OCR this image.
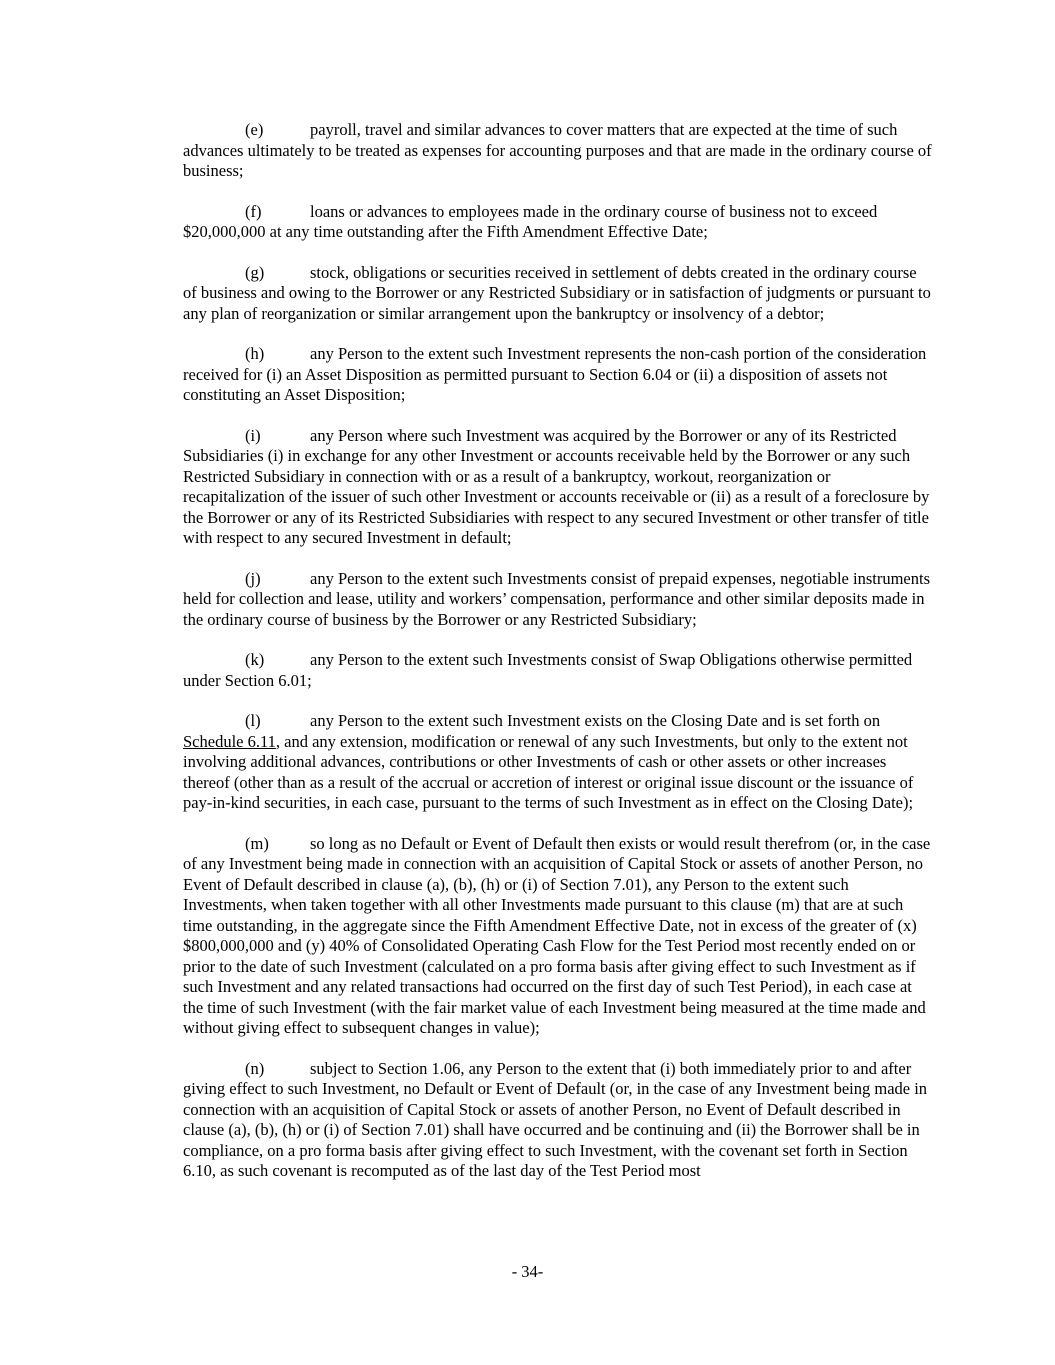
(e)	payroll, travel and similar advances to cover matters that are expected at the time of such advances ultimately to be treated as expenses for accounting purposes and that are made in the ordinary course of business;

(f)	loans or advances to employees made in the ordinary course of business not to exceed $20,000,000 at any time outstanding after the Fifth Amendment Effective Date;

(g)	stock, obligations or securities received in settlement of debts created in the ordinary course of business and owing to the Borrower or any Restricted Subsidiary or in satisfaction of judgments or pursuant to any plan of reorganization or similar arrangement upon the bankruptcy or insolvency of a debtor;

(h)	any Person to the extent such Investment represents the non-cash portion of the consideration received for (i) an Asset Disposition as permitted pursuant to Section 6.04 or (ii) a disposition of assets not constituting an Asset Disposition;

(i)	any Person where such Investment was acquired by the Borrower or any of its Restricted Subsidiaries (i) in exchange for any other Investment or accounts receivable held by the Borrower or any such Restricted Subsidiary in connection with or as a result of a bankruptcy, workout, reorganization or recapitalization of the issuer of such other Investment or accounts receivable or (ii) as a result of a foreclosure by the Borrower or any of its Restricted Subsidiaries with respect to any secured Investment or other transfer of title with respect to any secured Investment in default;

(j)	any Person to the extent such Investments consist of prepaid expenses, negotiable instruments held for collection and lease, utility and workers’ compensation, performance and other similar deposits made in the ordinary course of business by the Borrower or any Restricted Subsidiary;

(k)	any Person to the extent such Investments consist of Swap Obligations otherwise permitted under Section 6.01;

(l)	any Person to the extent such Investment exists on the Closing Date and is set forth on Schedule 6.11, and any extension, modification or renewal of any such Investments, but only to the extent not involving additional advances, contributions or other Investments of cash or other assets or other increases thereof (other than as a result of the accrual or accretion of interest or original issue discount or the issuance of pay-in-kind securities, in each case, pursuant to the terms of such Investment as in effect on the Closing Date);

(m) so long as no Default or Event of Default then exists or would result therefrom (or, in the case of any Investment being made in connection with an acquisition of Capital Stock or assets of another Person, no Event of Default described in clause (a), (b), (h) or (i) of Section 7.01), any Person to the extent such Investments, when taken together with all other Investments made pursuant to this clause (m) that are at such time outstanding, in the aggregate since the Fifth Amendment Effective Date, not in excess of the greater of (x) $800,000,000 and (y) 40% of Consolidated Operating Cash Flow for the Test Period most recently ended on or prior to the date of such Investment (calculated on a pro forma basis after giving effect to such Investment as if such Investment and any related transactions had occurred on the first day of such Test Period), in each case at the time of such Investment (with the fair market value of each Investment being measured at the time made and without giving effect to subsequent changes in value);

(n)	subject to Section 1.06, any Person to the extent that (i) both immediately prior to and after giving effect to such Investment, no Default or Event of Default (or, in the case of any Investment being made in connection with an acquisition of Capital Stock or assets of another Person, no Event of Default described in clause (a), (b), (h) or (i) of Section 7.01) shall have occurred and be continuing and (ii) the Borrower shall be in compliance, on a pro forma basis after giving effect to such Investment, with the covenant set forth in Section 6.10, as such covenant is recomputed as of the last day of the Test Period most

- 34-
